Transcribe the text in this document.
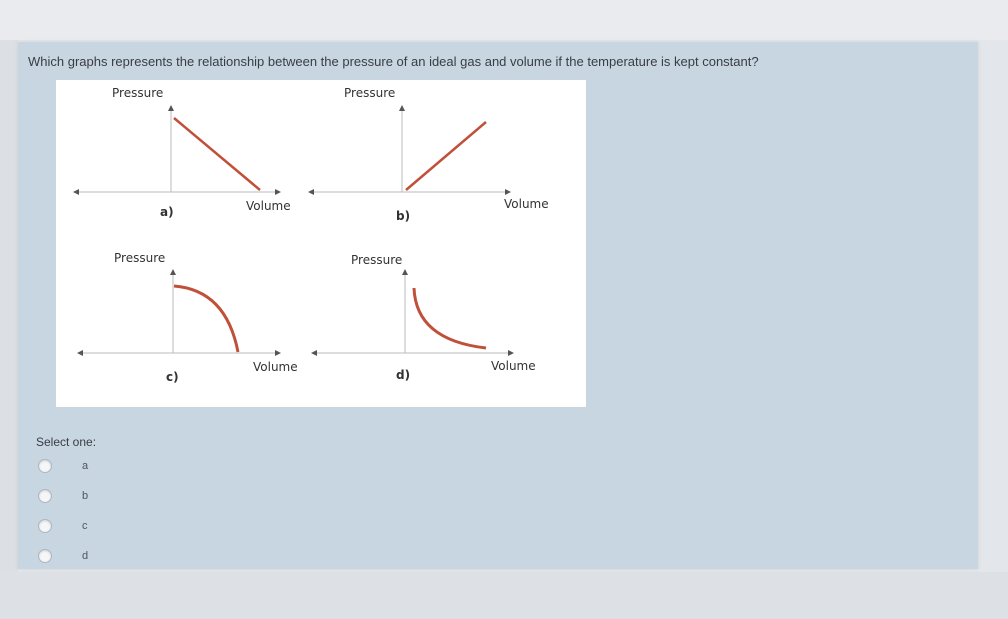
Which graphs represents the relationship between the pressure of an ideal gas and volume if the temperature is kept constant?
Pressure
Volume
a)
Pressure
Volume
b)
Pressure
Volume
c)
Pressure
Volume
d)
Select one:
a
b
c
d
